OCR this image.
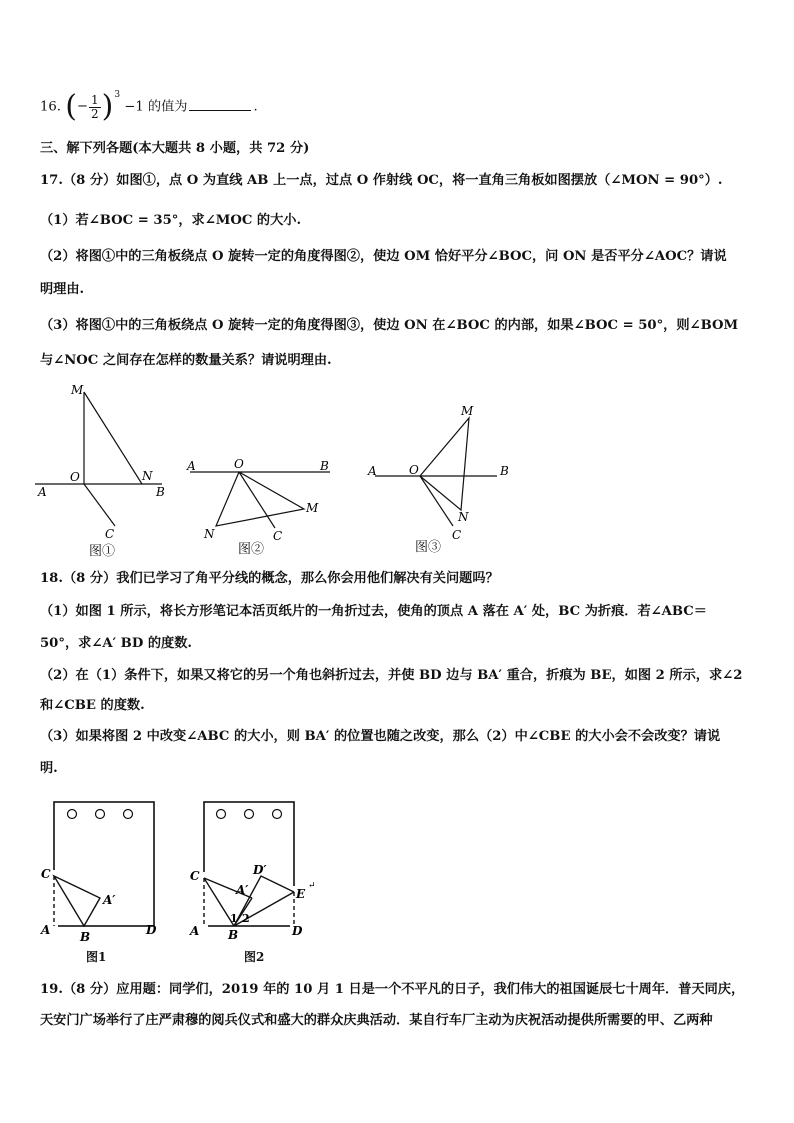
16. ( − $\frac{1}{2}$ ) 3
−1 的值为	.
三、解下列各题(本大题共 8 小题，共 72 分)
17.（8 分）如图①，点 O 为直线 AB 上一点，过点 O 作射线 OC，将一直角三角板如图摆放（∠MON = 90°）.
（1）若∠BOC = 35°，求∠MOC 的大小.
（2）将图①中的三角板绕点 O 旋转一定的角度得图②，使边 OM 恰好平分∠BOC，问 ON 是否平分∠AOC？请说
明理由.
（3）将图①中的三角板绕点 O 旋转一定的角度得图③，使边 ON 在∠BOC 的内部，如果∠BOC = 50°，则∠BOM
与∠NOC 之间存在怎样的数量关系？请说明理由.
M
O	N
A	B
C
图①
A	O	B
M
N	C
图②
A	O	B
M
N
C
图③
18.（8 分）我们已学习了角平分线的概念，那么你会用他们解决有关问题吗？
（1）如图 1 所示，将长方形笔记本活页纸片的一角折过去，使角的顶点 A 落在 A′ 处，BC 为折痕．若∠ABC＝
50°，求∠A′ BD 的度数.
（2）在（1）条件下，如果又将它的另一个角也斜折过去，并使 BD 边与 BA′ 重合，折痕为 BE，如图 2 所示，求∠2
和∠CBE 的度数.
（3）如果将图 2 中改变∠ABC 的大小，则 BA′ 的位置也随之改变，那么（2）中∠CBE 的大小会不会改变？请说
明.
C
A′
A B	D
图1
C	D′
A′	E
↵
1 2
A B	D
图2
19.（8 分）应用题：同学们，2019 年的 10 月 1 日是一个不平凡的日子，我们伟大的祖国诞辰七十周年．普天同庆，
天安门广场举行了庄严肃穆的阅兵仪式和盛大的群众庆典活动．某自行车厂主动为庆祝活动提供所需要的甲、乙两种
